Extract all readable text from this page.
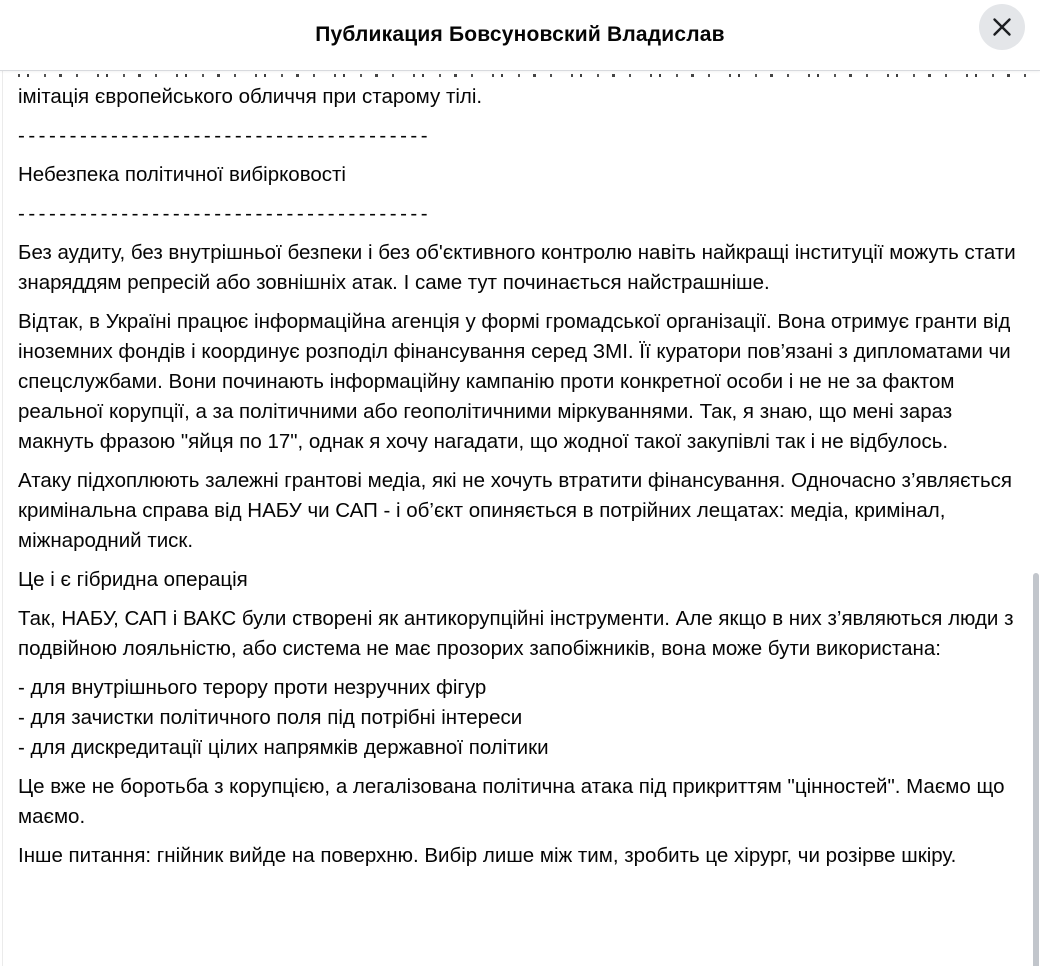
Публикация Бовсуновский Владислав

імітація європейського обличчя при старому тілі.

----------------------------------------
Небезпека політичної вибірковості
----------------------------------------

Без аудиту, без внутрішньої безпеки і без об'єктивного контролю навіть найкращі інституції можуть стати знаряддям репресій або зовнішніх атак. І саме тут починається найстрашніше.

Відтак, в Україні працює інформаційна агенція у формі громадської організації. Вона отримує гранти від іноземних фондів і координує розподіл фінансування серед ЗМІ. Її куратори пов’язані з дипломатами чи спецслужбами. Вони починають інформаційну кампанію проти конкретної особи і не не за фактом реальної корупції, а за політичними або геополітичними міркуваннями. Так, я знаю, що мені зараз макнуть фразою "яйця по 17", однак я хочу нагадати, що жодної такої закупівлі так і не відбулось.

Атаку підхоплюють залежні грантові медіа, які не хочуть втратити фінансування. Одночасно з’являється кримінальна справа від НАБУ чи САП - і об’єкт опиняється в потрійних лещатах: медіа, кримінал, міжнародний тиск.

Це і є гібридна операція

Так, НАБУ, САП і ВАКС були створені як антикорупційні інструменти. Але якщо в них з’являються люди з подвійною лояльністю, або система не має прозорих запобіжників, вона може бути використана:

- для внутрішнього терору проти незручних фігур
- для зачистки політичного поля під потрібні інтереси
- для дискредитації цілих напрямків державної політики

Це вже не боротьба з корупцією, а легалізована політична атака під прикриттям "цінностей". Маємо що маємо.

Інше питання: гнійник вийде на поверхню. Вибір лише між тим, зробить це хірург, чи розірве шкіру.
